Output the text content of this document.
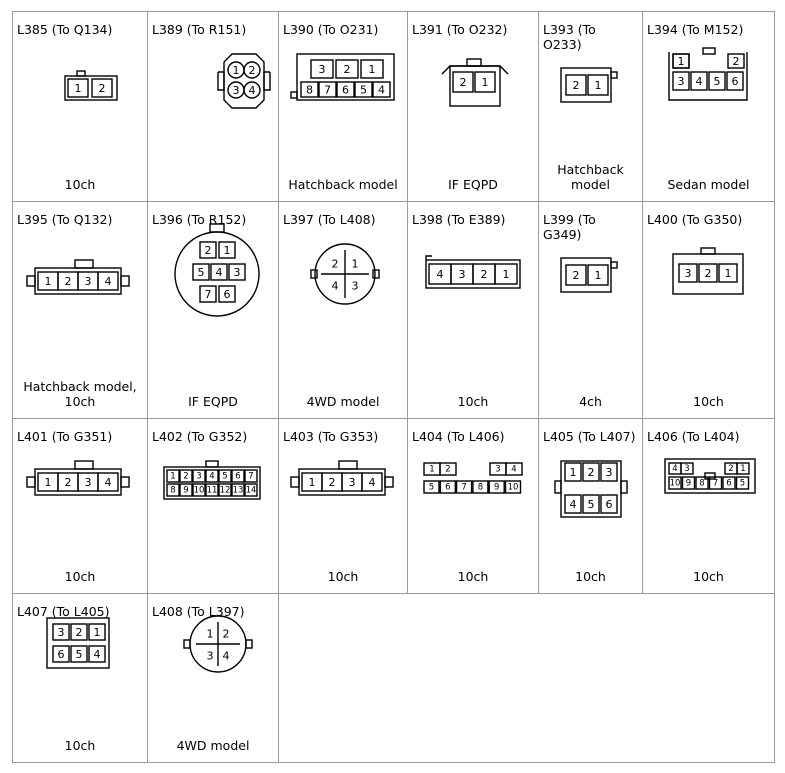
L385 (To Q134)
1 2
10ch
L389 (To R151)
1 2
3 4
L390 (To O231)
3 2 1
8 7 6 5 4
Hatchback model
L391 (To O232)
2 1
IF EQPD
L393 (To O233)
2 1
Hatchback model
L394 (To M152)
1	2
3 4 5 6
Sedan model
L395 (To Q132)
1 2 3 4
Hatchback model, 10ch
L396 (To R152)
2 1
5 4 3
7 6
IF EQPD
L397 (To L408)
2 1
4 3
4WD model
L398 (To E389)
4 3 2 1
10ch
L399 (To G349)
2 1
4ch
L400 (To G350)
3 2 1
10ch
L401 (To G351)
1 2 3 4
10ch
L402 (To G352)
1 2 3 4 5 6 7
8 9 10 11 12 13 14
L403 (To G353)
1 2 3 4
10ch
L404 (To L406)
1 2	3 4
5 6 7 8 9 10
10ch
L405 (To L407)
1 2 3
4 5 6
10ch
L406 (To L404)
4 3	2 1
10 9 8 7 6 5
10ch
L407 (To L405)
3 2 1
6 5 4
10ch
L408 (To L397)
1 2
3 4
4WD model
